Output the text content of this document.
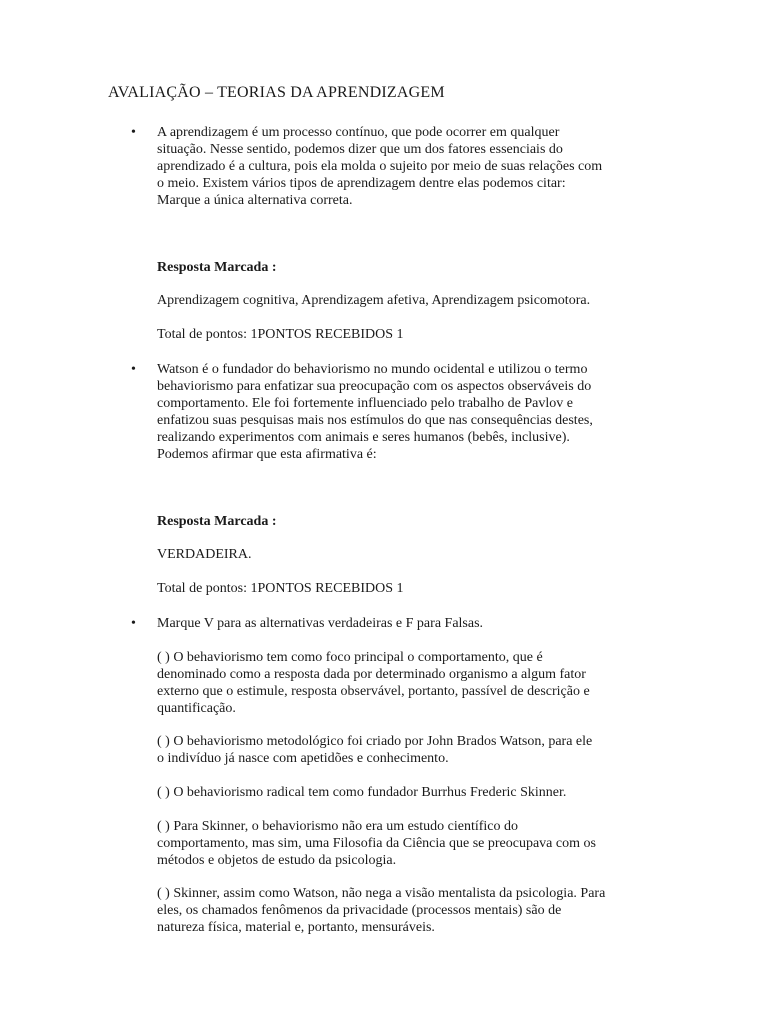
AVALIAÇÃO – TEORIAS DA APRENDIZAGEM
• A aprendizagem é um processo contínuo, que pode ocorrer em qualquer
situação. Nesse sentido, podemos dizer que um dos fatores essenciais do
aprendizado é a cultura, pois ela molda o sujeito por meio de suas relações com
o meio. Existem vários tipos de aprendizagem dentre elas podemos citar:
Marque a única alternativa correta.
Resposta Marcada :
Aprendizagem cognitiva, Aprendizagem afetiva, Aprendizagem psicomotora.
Total de pontos: 1PONTOS RECEBIDOS 1
• Watson é o fundador do behaviorismo no mundo ocidental e utilizou o termo
behaviorismo para enfatizar sua preocupação com os aspectos observáveis do
comportamento. Ele foi fortemente influenciado pelo trabalho de Pavlov e
enfatizou suas pesquisas mais nos estímulos do que nas consequências destes,
realizando experimentos com animais e seres humanos (bebês, inclusive).
Podemos afirmar que esta afirmativa é:
Resposta Marcada :
VERDADEIRA.
Total de pontos: 1PONTOS RECEBIDOS 1
• Marque V para as alternativas verdadeiras e F para Falsas.
( ) O behaviorismo tem como foco principal o comportamento, que é
denominado como a resposta dada por determinado organismo a algum fator
externo que o estimule, resposta observável, portanto, passível de descrição e
quantificação.
( ) O behaviorismo metodológico foi criado por John Brados Watson, para ele
o indivíduo já nasce com apetidões e conhecimento.
( ) O behaviorismo radical tem como fundador Burrhus Frederic Skinner.
( ) Para Skinner, o behaviorismo não era um estudo científico do
comportamento, mas sim, uma Filosofia da Ciência que se preocupava com os
métodos e objetos de estudo da psicologia.
( ) Skinner, assim como Watson, não nega a visão mentalista da psicologia. Para
eles, os chamados fenômenos da privacidade (processos mentais) são de
natureza física, material e, portanto, mensuráveis.
